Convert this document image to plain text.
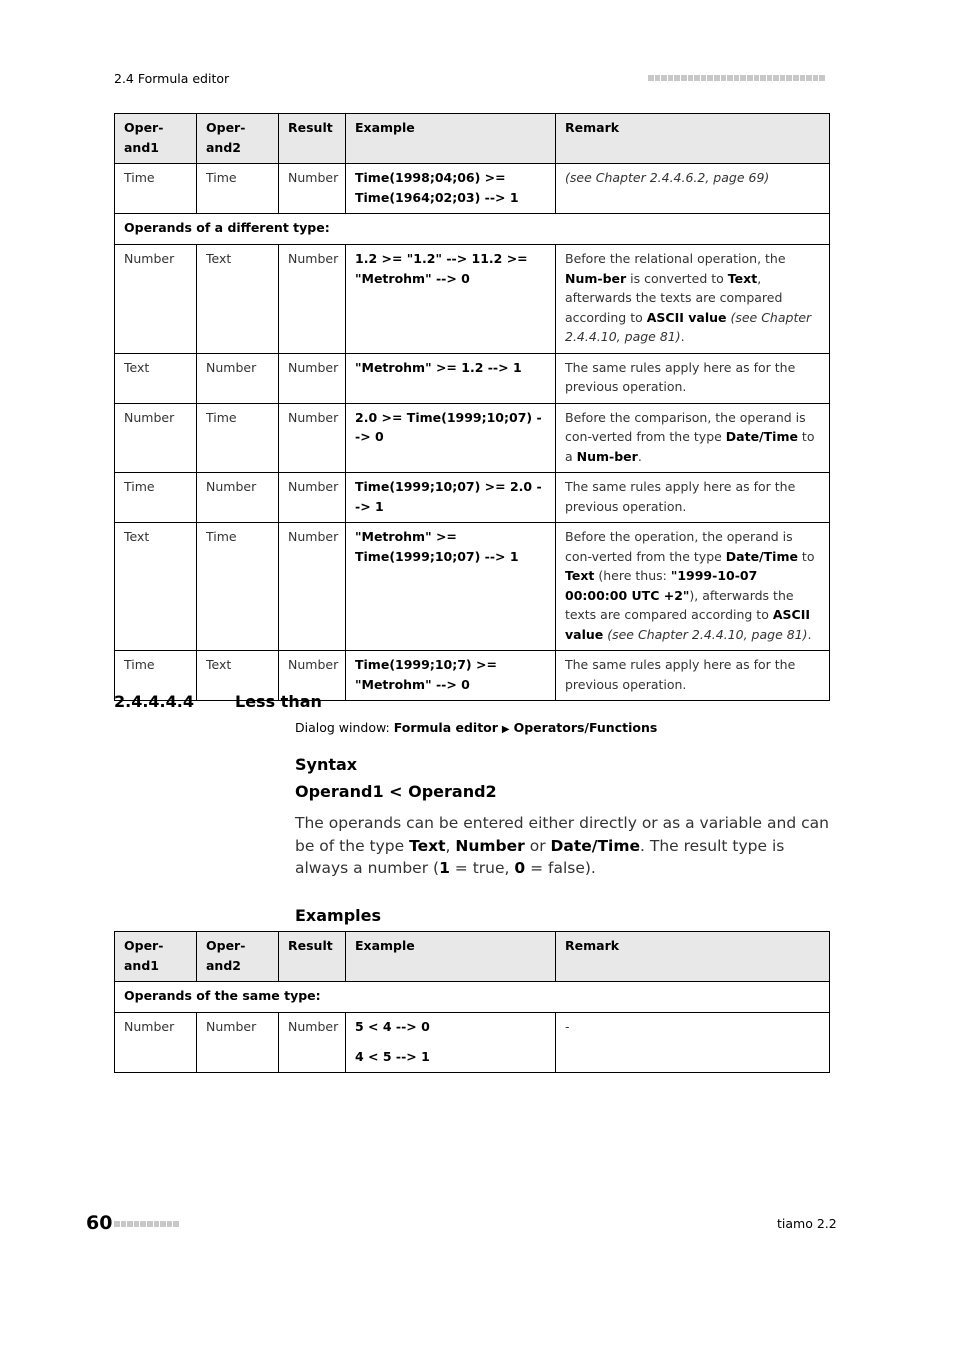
2.4 Formula editor
Oper-
and1	Oper-
and2	Result	Example	Remark
Time	Time	Number	Time(1998;04;06) >= Time(1964;02;03) --> 1	(see Chapter 2.4.4.6.2, page 69)
Operands of a different type:				
Number	Text	Number	1.2 >= "1.2" --> 11.2 >= "Metrohm" --> 0	Before the relational operation, the Num-ber is converted to Text, afterwards the texts are compared according to ASCII value (see Chapter 2.4.4.10, page 81).
Text	Number	Number	"Metrohm" >= 1.2 --> 1	The same rules apply here as for the previous operation.
Number	Time	Number	2.0 >= Time(1999;10;07) --> 0	Before the comparison, the operand is con-verted from the type Date/Time to a Num-ber.
Time	Number	Number	Time(1999;10;07) >= 2.0 --> 1	The same rules apply here as for the previous operation.
Text	Time	Number	"Metrohm" >= Time(1999;10;07) --> 1	Before the operation, the operand is con-verted from the type Date/Time to Text (here thus: "1999-10-07 00:00:00 UTC +2"), afterwards the texts are compared according to ASCII value (see Chapter 2.4.4.10, page 81).
Time	Text	Number	Time(1999;10;7) >= "Metrohm" --> 0	The same rules apply here as for the previous operation.
2.4.4.4.4	Less than
Dialog window: Formula editor ▶ Operators/Functions
Syntax
Operand1 < Operand2
The operands can be entered either directly or as a variable and can be of the type Text, Number or Date/Time. The result type is always a number (1 = true, 0 = false).
Examples
Oper-
and1	Oper-
and2	Result	Example	Remark
Operands of the same type:				
Number	Number	Number	5 < 4 --> 0

4 < 5 --> 1	-
60	tiamo 2.2
